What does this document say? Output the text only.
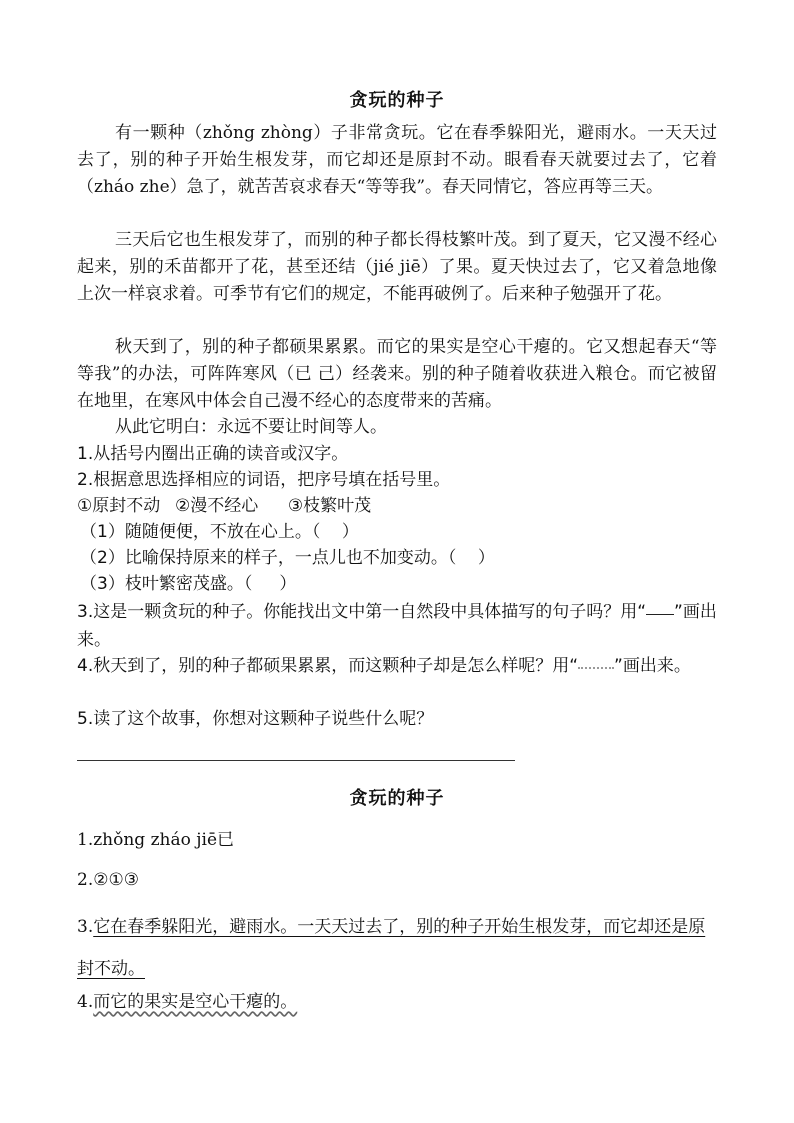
贪玩的种子

有一颗种（zhǒng zhòng）子非常贪玩。它在春季躲阳光，避雨水。一天天过去了，别的种子开始生根发芽，而它却还是原封不动。眼看春天就要过去了，它着（zháo zhe）急了，就苦苦哀求春天“等等我”。春天同情它，答应再等三天。

三天后它也生根发芽了，而别的种子都长得枝繁叶茂。到了夏天，它又漫不经心起来，别的禾苗都开了花，甚至还结（jié jiē）了果。夏天快过去了，它又着急地像上次一样哀求着。可季节有它们的规定，不能再破例了。后来种子勉强开了花。

秋天到了，别的种子都硕果累累。而它的果实是空心干瘪的。它又想起春天“等等我”的办法，可阵阵寒风（已 己）经袭来。别的种子随着收获进入粮仓。而它被留在地里，在寒风中体会自己漫不经心的态度带来的苦痛。

从此它明白：永远不要让时间等人。

1.从括号内圈出正确的读音或汉字。

2.根据意思选择相应的词语，把序号填在括号里。

①原封不动  ②漫不经心    ③枝繁叶茂

（1）随随便便，不放在心上。（    ）

（2）比喻保持原来的样子，一点儿也不加变动。（    ）

（3）枝叶繁密茂盛。（     ）

3.这是一颗贪玩的种子。你能找出文中第一自然段中具体描写的句子吗？用“ ”画出来。

4.秋天到了，别的种子都硕果累累，而这颗种子却是怎么样呢？用“ ”画出来。

5.读了这个故事，你想对这颗种子说些什么呢？

贪玩的种子

1.zhǒng zháo jiē已

2.②①③

3.它在春季躲阳光，避雨水。一天天过去了，别的种子开始生根发芽，而它却还是原封不动。

4.而它的果实是空心干瘪的。
